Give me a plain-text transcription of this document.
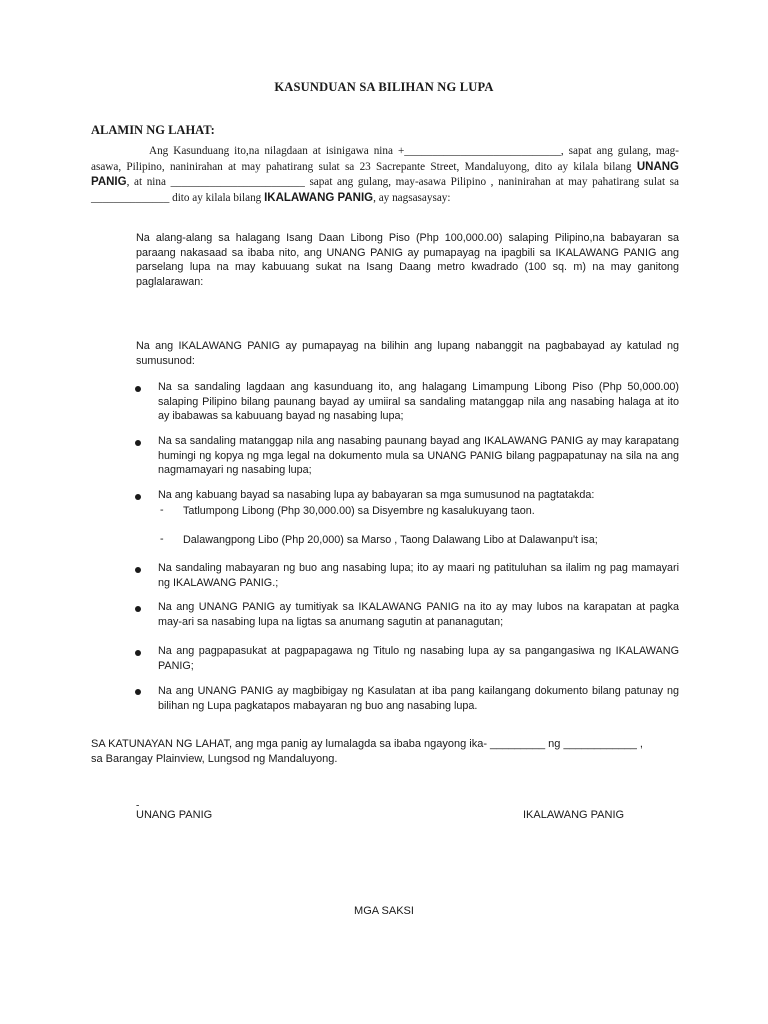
KASUNDUAN SA BILIHAN NG LUPA
ALAMIN NG LAHAT:
Ang Kasunduang ito,na nilagdaan at isinigawa nina +____________________________, sapat ang gulang, mag-asawa, Pilipino, naninirahan at may pahatirang sulat sa 23 Sacrepante Street, Mandaluyong, dito ay kilala bilang UNANG PANIG, at nina ________________________ sapat ang gulang, may-asawa Pilipino , naninirahan at may pahatirang sulat sa ______________ dito ay kilala bilang IKALAWANG PANIG, ay nagsasaysay:
Na alang-alang sa halagang Isang Daan Libong Piso (Php 100,000.00) salaping Pilipino,na babayaran sa paraang nakasaad sa ibaba nito, ang UNANG PANIG ay pumapayag na ipagbili sa IKALAWANG PANIG ang parselang lupa na may kabuuang sukat na Isang Daang metro kwadrado (100 sq. m) na may ganitong paglalarawan:
Na ang IKALAWANG PANIG ay pumapayag na bilihin ang lupang nabanggit na pagbabayad ay katulad ng sumusunod:
Na sa sandaling lagdaan ang kasunduang ito, ang halagang Limampung Libong Piso (Php 50,000.00) salaping Pilipino bilang paunang bayad ay umiiral sa sandaling matanggap nila ang nasabing halaga at ito ay ibabawas sa kabuuang bayad ng nasabing lupa;
Na sa sandaling matanggap nila ang nasabing paunang bayad ang IKALAWANG PANIG ay may karapatang humingi ng kopya ng mga legal na dokumento mula sa UNANG PANIG bilang pagpapatunay na sila na ang nagmamayari ng nasabing lupa;
Na ang kabuang bayad sa nasabing lupa ay babayaran sa mga sumusunod na pagtatakda:
- Tatlumpong Libong (Php 30,000.00) sa Disyembre ng kasalukuyang taon.
- Dalawangpong Libo (Php 20,000) sa Marso , Taong Dalawang Libo at Dalawanpu't isa;
Na sandaling mabayaran ng buo ang nasabing lupa; ito ay maari ng patituluhan sa ilalim ng pag mamayari ng IKALAWANG PANIG.;
Na ang UNANG PANIG ay tumitiyak sa IKALAWANG PANIG na ito ay may lubos na karapatan at pagka may-ari sa nasabing lupa na ligtas sa anumang sagutin at pananagutan;
Na ang pagpapasukat at pagpapagawa ng Titulo ng nasabing lupa ay sa pangangasiwa ng IKALAWANG PANIG;
Na ang UNANG PANIG ay magbibigay ng Kasulatan at iba pang kailangang dokumento bilang patunay ng bilihan ng Lupa pagkatapos mabayaran ng buo ang nasabing lupa.
SA KATUNAYAN NG LAHAT, ang mga panig ay lumalagda sa ibaba ngayong ika- _________ ng ____________ ,
sa Barangay Plainview, Lungsod ng Mandaluyong.
-
UNANG PANIG	IKALAWANG PANIG
MGA SAKSI
